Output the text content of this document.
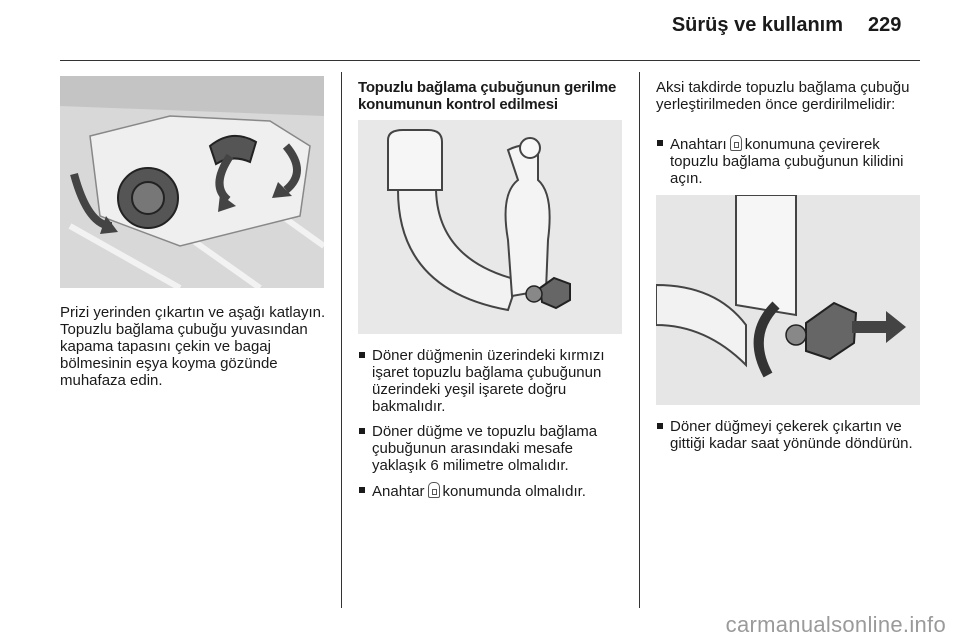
Sürüş ve kullanım 229
Prizi yerinden çıkartın ve aşağı katlayın. Topuzlu bağlama çubuğu yuvasından kapama tapasını çekin ve bagaj bölmesinin eşya koyma gözünde muhafaza edin.
Topuzlu bağlama çubuğunun gerilme konumunun kontrol edilmesi
Döner düğmenin üzerindeki kırmızı işaret topuzlu bağlama çubuğunun üzerindeki yeşil işarete doğru bakmalıdır.
Döner düğme ve topuzlu bağlama çubuğunun arasındaki mesafe yaklaşık 6 milimetre olmalıdır.
Anahtar konumunda olmalıdır.
Aksi takdirde topuzlu bağlama çubuğu yerleştirilmeden önce gerdirilmelidir:
Anahtarı konumuna çevirerek topuzlu bağlama çubuğunun kilidini açın.
Döner düğmeyi çekerek çıkartın ve gittiği kadar saat yönünde döndürün.
carmanualsonline.info
